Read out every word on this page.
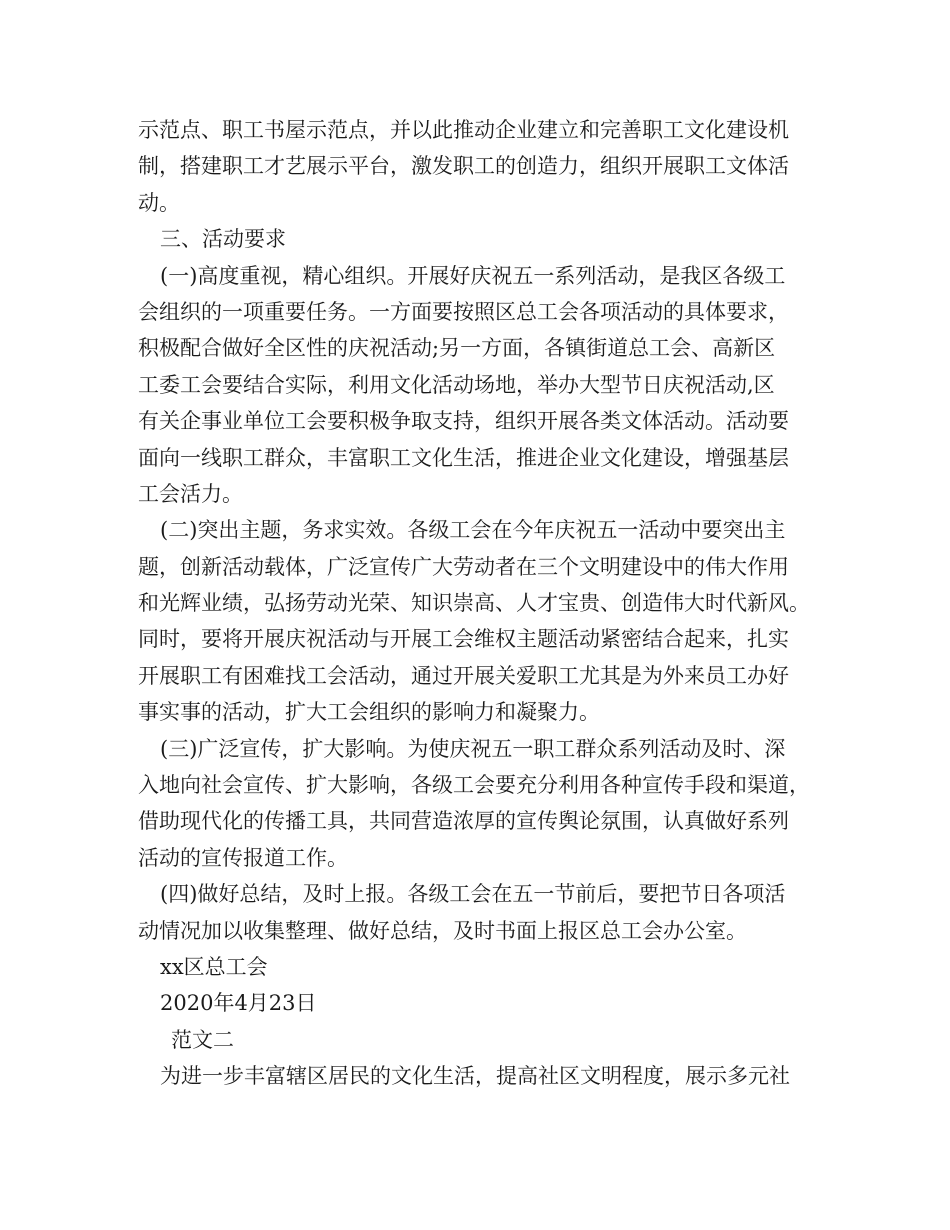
示范点、职工书屋示范点，并以此推动企业建立和完善职工文化建设机
制，搭建职工才艺展示平台，激发职工的创造力，组织开展职工文体活
动。
三、活动要求
(一)高度重视，精心组织。开展好庆祝五一系列活动，是我区各级工
会组织的一项重要任务。一方面要按照区总工会各项活动的具体要求，
积极配合做好全区性的庆祝活动;另一方面，各镇街道总工会、高新区
工委工会要结合实际，利用文化活动场地，举办大型节日庆祝活动,区
有关企事业单位工会要积极争取支持，组织开展各类文体活动。活动要
面向一线职工群众，丰富职工文化生活，推进企业文化建设，增强基层
工会活力。
(二)突出主题，务求实效。各级工会在今年庆祝五一活动中要突出主
题，创新活动载体，广泛宣传广大劳动者在三个文明建设中的伟大作用
和光辉业绩，弘扬劳动光荣、知识崇高、人才宝贵、创造伟大时代新风。
同时，要将开展庆祝活动与开展工会维权主题活动紧密结合起来，扎实
开展职工有困难找工会活动，通过开展关爱职工尤其是为外来员工办好
事实事的活动，扩大工会组织的影响力和凝聚力。
(三)广泛宣传，扩大影响。为使庆祝五一职工群众系列活动及时、深
入地向社会宣传、扩大影响，各级工会要充分利用各种宣传手段和渠道，
借助现代化的传播工具，共同营造浓厚的宣传舆论氛围，认真做好系列
活动的宣传报道工作。
(四)做好总结，及时上报。各级工会在五一节前后，要把节日各项活
动情况加以收集整理、做好总结，及时书面上报区总工会办公室。
xx区总工会
2020年4月23日
范文二
为进一步丰富辖区居民的文化生活，提高社区文明程度，展示多元社
